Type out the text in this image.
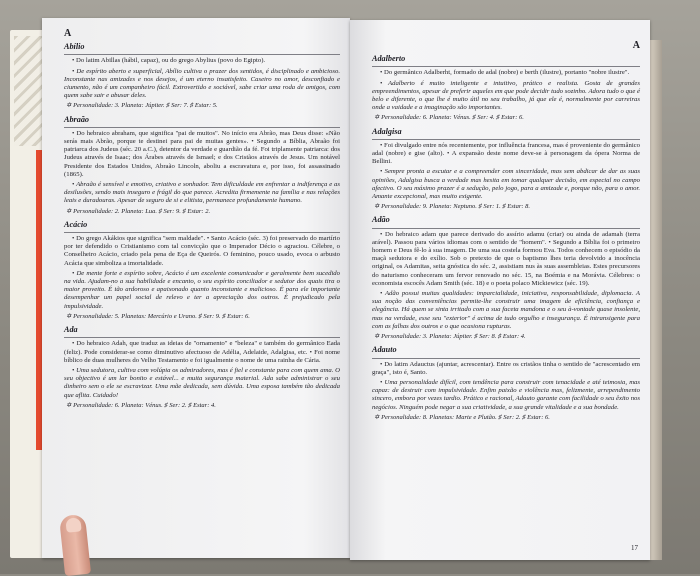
A
Abílio

• Do latim Abillas (hábil, capaz), ou do grego Abylius (povo do Egipto).

• De espírito aberto e superficial, Abílio cultiva o prazer dos sentidos, é disciplinado e ambicioso. Inconstante nas amizades e nos desejos, é um eterno insatisfeito. Caseiro no amor, desconfiado e ciumento, não é um companheiro fácil. Extrovertido e sociável, sabe criar uma roda de amigos, com quem sabe sair e abusar deles.

✡ Personalidade: 3. Planeta: Júpiter. ♯ Ser: 7. ♯ Estar: 5.
Abraão

• Do hebraico abraham, que significa "pai de muitos". No início era Abrão, mas Deus disse: «Não serás mais Abrão, porque te destinei para pai de muitas gentes». • Segundo a Bíblia, Abraão foi patriarca dos Judeus (séc. 20 a.C.), detentor da verdade e guardião da fé. Foi triplamente patriarca: dos Judeus através de Isaac; dos Árabes através de Ismael; e dos Cristãos através de Jesus. Um notável Presidente dos Estados Unidos, Abraão Lincoln, aboliu a escravatura e, por isso, foi assassinado (1865).

• Abraão é sensível e emotivo, criativo e sonhador. Tem dificuldade em enfrentar a indiferença e as desilusões, sendo mais inseguro e frágil do que parece. Acredita firmemente na família e nas relações leais e duradouras. Apesar de seguro de si e elitista, permanece profundamente humano.

✡ Personalidade: 2. Planeta: Lua. ♯ Ser: 9. ♯ Estar: 2.
Acácio

• Do grego Akákios que significa "sem maldade". • Santo Acácio (séc. 3) foi preservado do martírio por ter defendido o Cristianismo com tal convicção que o Imperador Décio o agraciou. Célebre, o Conselheiro Acácio, criado pela pena de Eça de Queirós. O feminino, pouco usado, evoca o arbusto Acácia que simboliza a imortalidade.

• De mente forte e espírito sobre, Acácio é um excelente comunicador e geralmente bem sucedido na vida. Ajudam-no a sua habilidade e encanto, o seu espírito conciliador e sedutor dos quais tira o maior proveito. É tão ardoroso e apaixonado quanto inconstante e malicioso. É para ele importante desempenhar um papel social de relevo e ter a apreciação dos outros. É prejudicado pela impulsividade.

✡ Personalidade: 5. Planetas: Mercúrio e Urano. ♯ Ser: 9. ♯ Estar: 6.
Ada

• Do hebraico Adah, que traduz as ideias de "ornamento" e "beleza" e também do germânico Eada (feliz). Pode considerar-se como diminutivo afectuoso de Adélia, Adelaide, Adalgisa, etc. • Foi nome bíblico de duas mulheres do Velho Testamento e foi igualmente o nome de uma rainha de Cária.

• Uma sedutora, cultiva com volúpia os admiradores, mas é fiel e constante para com quem ama. O seu objectivo é um lar bonito e estável... e muita segurança material. Ada sabe administrar o seu dinheiro sem o ele se escravizar. Uma mãe dedicada, sem dúvida. Uma esposa também tão dedicada que aflita. Cuidado!

✡ Personalidade: 6. Planeta: Vénus. ♯ Ser: 2. ♯ Estar: 4.
A
Adalberto

• Do germânico Adalberht, formado de adal (nobre) e berth (ilustre), portanto "nobre ilustre".

• Adalberto é muito inteligente e intuitivo, prático e realista. Gosta de grandes empreendimentos, apesar de preferir aqueles em que pode decidir tudo sozinho. Adora tudo o que é belo e diferente, o que lhe é muito útil no seu trabalho, já que ele é, normalmente por carreiras onde a vaidade e a imaginação são importantes.

✡ Personalidade: 6. Planeta: Vénus. ♯ Ser: 4. ♯ Estar: 6.
Adalgisa

• Foi divulgado entre nós recentemente, por influência francesa, mas é proveniente do germânico adal (nobre) e gise (alto). • A expansão deste nome deve-se à personagem da ópera Norma de Bellini.

• Sempre pronta a escutar e a compreender com sinceridade, mas sem abdicar de dar as suas opiniões, Adalgisa busca a verdade mas hesita em tomar qualquer decisão, em especial no campo afectivo. O seu máximo prazer é a sedução, pelo jogo, para a amizade e, porque não, para o amor. Amante excepcional, mas muito exigente.

✡ Personalidade: 9. Planeta: Neptuno. ♯ Ser: 1. ♯ Estar: 8.
Adão

• Do hebraico adam que parece derivado do assírio adamu (criar) ou ainda de adamah (terra arável). Passou para vários idiomas com o sentido de "homem". • Segundo a Bíblia foi o primeiro homem e Deus fê-lo à sua imagem. De uma sua costela formou Eva. Todos conhecem o episódio da maçã sedutora e do exílio. Sob o pretexto de que o baptismo lhes teria devolvido a inocência original, os Adamitas, seita gnóstica do séc. 2, assistiam nus às suas assembleias. Estes precursores do naturismo conheceram um fervor renovado no séc. 15, na Boémia e na Morávia. Célebres: o economista escocês Adam Smith (séc. 18) e o poeta polaco Mickiewicz (séc. 19).

• Adão possui muitas qualidades: imparcialidade, iniciativa, responsabilidade, diplomacia. A sua noção das conveniências permite-lhe construir uma imagem de eficiência, confiança e elegância. Há quem se sinta irritado com a sua faceta mandona e o seu à-vontade quase insolente, mas na verdade, esse seu "exterior" é acima de tudo orgulho e insegurança. É intransigente para com as falhas dos outros e o que ocasiona rupturas.

✡ Personalidade: 3. Planeta: Júpiter. ♯ Ser: 8. ♯ Estar: 4.
Adauto

• Do latim Adauctus (ajuntar, acrescentar). Entre os cristãos tinha o sentido de "acrescentado em graça", isto é, Santo.

• Uma personalidade difícil, com tendência para construir com tenacidade e até teimosia, mas capaz: de destruir com impulsividade. Enfim paixão e violência mas, felizmente, arrependimento sincero, embora por vezes tardio. Prático e racional, Adauto garante com facilidade o seu êxito nos negócios. Ninguém pode negar a sua criatividade, a sua grande vitalidade e a sua bondade.

✡ Personalidade: 8. Planetas: Marte e Plutão. ♯ Ser: 2. ♯ Estar: 6.
17
